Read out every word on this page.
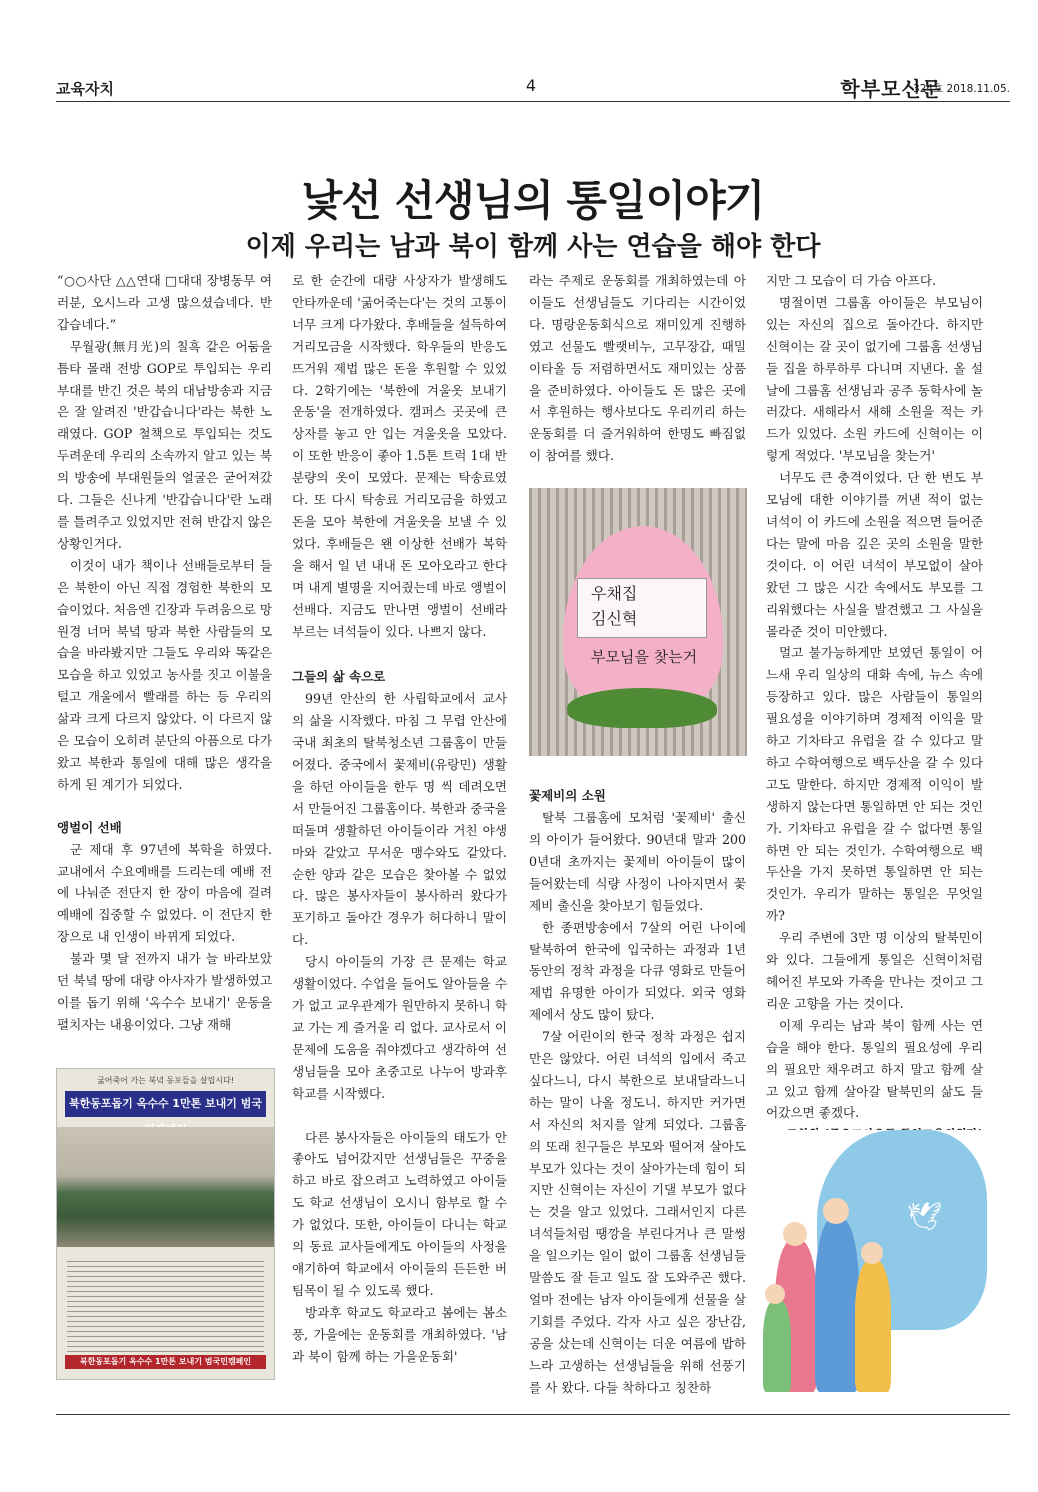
교육자치	4	학부모신문
324호 2018.11.05.
낯선 선생님의 통일이야기
이제 우리는 남과 북이 함께 사는 연습을 해야 한다

“○○사단 △△연대 □대대 장병동무 여러분, 오시느라 고생 많으셨습네다. 반갑습네다.”

무월광(無月光)의 칠흑 같은 어둠을 틈타 몰래 전방 GOP로 투입되는 우리 부대를 반긴 것은 북의 대남방송과 지금은 잘 알려진 '반갑습니다'라는 북한 노래였다. GOP 철책으로 투입되는 것도 두려운데 우리의 소속까지 알고 있는 북의 방송에 부대원들의 얼굴은 굳어져갔다. 그들은 신나게 '반갑습니다'란 노래를 틀려주고 있었지만 전혀 반갑지 않은 상황인거다.

이것이 내가 책이나 선배들로부터 들은 북한이 아닌 직접 경험한 북한의 모습이었다. 처음엔 긴장과 두려움으로 망원경 너머 북녘 땅과 북한 사람들의 모습을 바라봤지만 그들도 우리와 똑같은 모습을 하고 있었고 농사를 짓고 이불을 털고 개울에서 빨래를 하는 등 우리의 삶과 크게 다르지 않았다. 이 다르지 않은 모습이 오히려 분단의 아픔으로 다가왔고 북한과 통일에 대해 많은 생각을 하게 된 계기가 되었다.

앵벌이 선배

군 제대 후 97년에 복학을 하였다. 교내에서 수요예배를 드리는데 예배 전에 나눠준 전단지 한 장이 마음에 걸려 예배에 집중할 수 없었다. 이 전단지 한 장으로 내 인생이 바뀌게 되었다.

불과 몇 달 전까지 내가 늘 바라보았던 북녘 땅에 대량 아사자가 발생하였고 이를 돕기 위해 '옥수수 보내기' 운동을 펼치자는 내용이었다. 그냥 재해

로 한 순간에 대량 사상자가 발생해도 안타까운데 '굶어죽는다'는 것의 고통이 너무 크게 다가왔다. 후배들을 설득하여 거리모금을 시작했다. 학우들의 반응도 뜨거워 제법 많은 돈을 후원할 수 있었다. 2학기에는 '북한에 겨울옷 보내기 운동'을 전개하였다. 캠퍼스 곳곳에 큰 상자를 놓고 안 입는 겨울옷을 모았다. 이 또한 반응이 좋아 1.5톤 트럭 1대 반 분량의 옷이 모였다. 문제는 탁송료였다. 또 다시 탁송료 거리모금을 하였고 돈을 모아 북한에 겨울옷을 보낼 수 있었다. 후배들은 왠 이상한 선배가 복학을 해서 일 년 내내 돈 모아오라고 한다며 내게 별명을 지어줬는데 바로 앵벌이 선배다. 지금도 만나면 앵벌이 선배라 부르는 녀석들이 있다. 나쁘지 않다.

그들의 삶 속으로

99년 안산의 한 사립학교에서 교사의 삶을 시작했다. 마침 그 무렵 안산에 국내 최초의 탈북청소년 그룹홈이 만들어졌다. 중국에서 꽃제비(유랑민) 생활을 하던 아이들을 한두 명 씩 데려오면서 만들어진 그룹홈이다. 북한과 중국을 떠돌며 생활하던 아이들이라 거친 야생마와 같았고 무서운 맹수와도 같았다. 순한 양과 같은 모습은 찾아볼 수 없었다. 많은 봉사자들이 봉사하러 왔다가 포기하고 돌아간 경우가 허다하니 말이다.

당시 아이들의 가장 큰 문제는 학교생활이었다. 수업을 들어도 알아들을 수가 없고 교우관계가 원만하지 못하니 학교 가는 게 즐거울 리 없다. 교사로서 이 문제에 도움을 줘야겠다고 생각하여 선생님들을 모아 초중고로 나누어 방과후 학교를 시작했다.

다른 봉사자들은 아이들의 태도가 안 좋아도 넘어갔지만 선생님들은 꾸중을 하고 바로 잡으려고 노력하였고 아이들도 학교 선생님이 오시니 함부로 할 수가 없었다. 또한, 아이들이 다니는 학교의 동료 교사들에게도 아이들의 사정을 얘기하여 학교에서 아이들의 든든한 버팀목이 될 수 있도록 했다.

방과후 학교도 학교라고 봄에는 봄소풍, 가을에는 운동회를 개최하였다. '남과 북이 함께 하는 가을운동회'

라는 주제로 운동회를 개최하였는데 아이들도 선생님들도 기다리는 시간이었다. 명랑운동회식으로 재미있게 진행하였고 선물도 빨랫비누, 고무장갑, 때밀이타올 등 저렴하면서도 재미있는 상품을 준비하였다. 아이들도 돈 많은 곳에서 후원하는 행사보다도 우리끼리 하는 운동회를 더 즐거워하여 한명도 빠짐없이 참여를 했다.

꽃제비의 소원

탈북 그룹홈에 모처럼 '꽃제비' 출신의 아이가 들어왔다. 90년대 말과 2000년대 초까지는 꽃제비 아이들이 많이 들어왔는데 식량 사정이 나아지면서 꽃제비 출신을 찾아보기 힘들었다.

한 종편방송에서 7살의 어린 나이에 탈북하여 한국에 입국하는 과정과 1년 동안의 정착 과정을 다큐 영화로 만들어 제법 유명한 아이가 되었다. 외국 영화제에서 상도 많이 탔다.

7살 어린이의 한국 정착 과정은 쉽지만은 않았다. 어린 녀석의 입에서 죽고 싶다느니, 다시 북한으로 보내달라느니 하는 말이 나올 정도니. 하지만 커가면서 자신의 처지를 알게 되었다. 그룹홈의 또래 친구들은 부모와 떨어져 살아도 부모가 있다는 것이 살아가는데 힘이 되지만 신혁이는 자신이 기댈 부모가 없다는 것을 알고 있었다. 그래서인지 다른 녀석들처럼 땡깡을 부린다거나 큰 말썽을 일으키는 일이 없이 그룹홈 선생님들 말씀도 잘 듣고 일도 잘 도와주곤 했다. 얼마 전에는 남자 아이들에게 선물을 살 기회를 주었다. 각자 사고 싶은 장난감, 공을 샀는데 신혁이는 더운 여름에 밥하느라 고생하는 선생님들을 위해 선풍기를 사 왔다. 다들 착하다고 칭찬하

지만 그 모습이 더 가슴 아프다.

명절이면 그룹홈 아이들은 부모님이 있는 자신의 집으로 돌아간다. 하지만 신혁이는 갈 곳이 없기에 그룹홈 선생님들 집을 하루하루 다니며 지낸다. 올 설날에 그룹홈 선생님과 공주 동학사에 놀러갔다. 새해라서 새해 소원을 적는 카드가 있었다. 소원 카드에 신혁이는 이렇게 적었다. '부모님을 찾는거'

너무도 큰 충격이었다. 단 한 번도 부모님에 대한 이야기를 꺼낸 적이 없는 녀석이 이 카드에 소원을 적으면 들어준다는 말에 마음 깊은 곳의 소원을 말한 것이다. 이 어린 녀석이 부모없이 살아왔던 그 많은 시간 속에서도 부모를 그리워했다는 사실을 발견했고 그 사실을 몰라준 것이 미안했다.

멀고 불가능하게만 보였던 통일이 어느새 우리 일상의 대화 속에, 뉴스 속에 등장하고 있다. 많은 사람들이 통일의 필요성을 이야기하며 경제적 이익을 말하고 기차타고 유럽을 갈 수 있다고 말하고 수학여행으로 백두산을 갈 수 있다고도 말한다. 하지만 경제적 이익이 발생하지 않는다면 통일하면 안 되는 것인가. 기차타고 유럽을 갈 수 없다면 통일하면 안 되는 것인가. 수학여행으로 백두산을 가지 못하면 통일하면 안 되는 것인가. 우리가 말하는 통일은 무엇일까?

우리 주변에 3만 명 이상의 탈북민이 와 있다. 그들에게 통일은 신혁이처럼 헤어진 부모와 가족을 만나는 것이고 그리운 고향을 가는 것이다.

이제 우리는 남과 북이 함께 사는 연습을 해야 한다. 통일의 필요성에 우리의 필요만 채우려고 하지 말고 함께 살고 있고 함께 살아갈 탈북민의 삶도 들어갔으면 좋겠다.

굶어죽어 가는 북녘 동포들을 살립시다!
북한동포돕기 옥수수 1만톤 보내기 범국
북한동포돕기 옥수수 1만톤 보내기 범국민캠페인
우채집
김신혁
부모님을 찾는거
🕊
